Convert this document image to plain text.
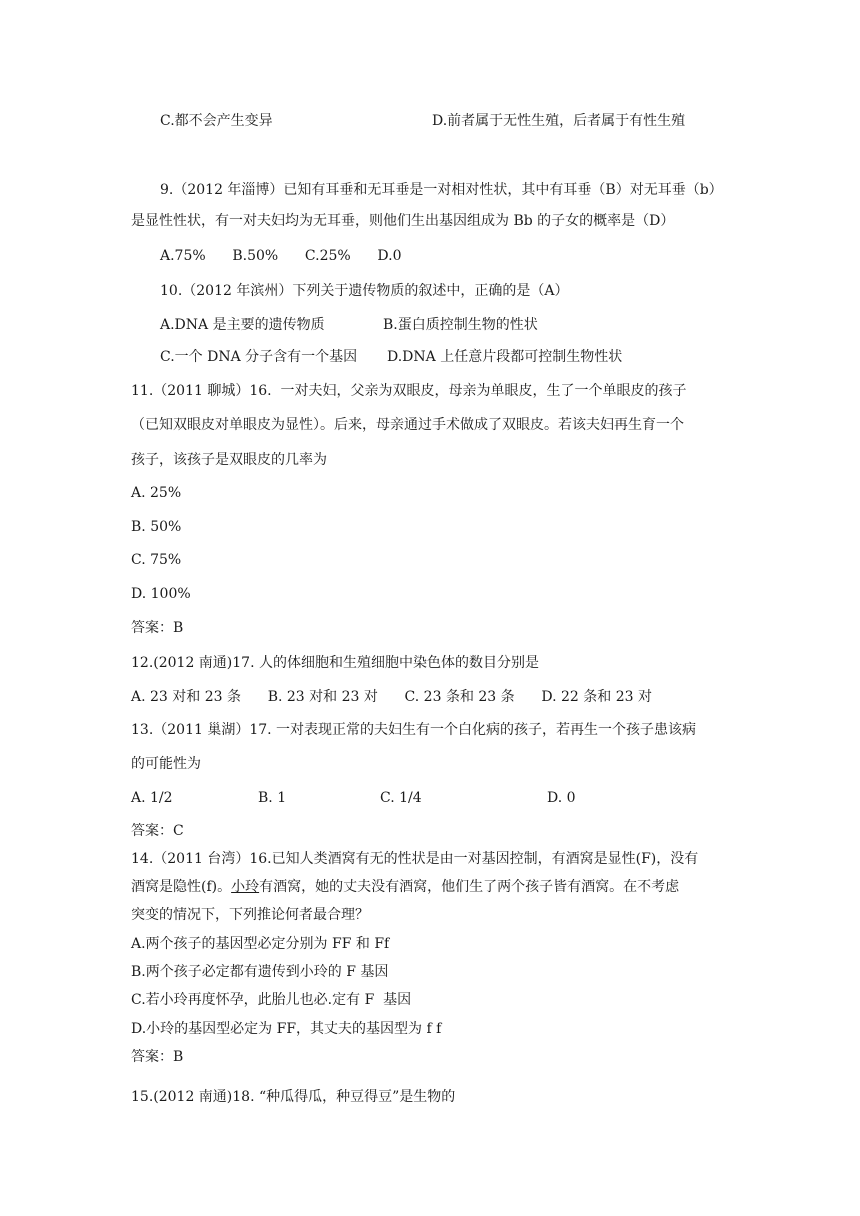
C.都不会产生变异	D.前者属于无性生殖，后者属于有性生殖
9.（2012 年淄博）已知有耳垂和无耳垂是一对相对性状，其中有耳垂（B）对无耳垂（b）
是显性性状，有一对夫妇均为无耳垂，则他们生出基因组成为 Bb 的子女的概率是（D）
A.75%      B.50%      C.25%      D.0
10.（2012 年滨州）下列关于遗传物质的叙述中，正确的是（A）
A.DNA 是主要的遗传物质	B.蛋白质控制生物的性状
C.一个 DNA 分子含有一个基因 D.DNA 上任意片段都可控制生物性状
11.（2011 聊城）16.  一对夫妇，父亲为双眼皮，母亲为单眼皮，生了一个单眼皮的孩子
（已知双眼皮对单眼皮为显性）。后来，母亲通过手术做成了双眼皮。若该夫妇再生育一个
孩子，该孩子是双眼皮的几率为
A. 25%
B. 50%
C. 75%
D. 100%
答案：B
12.(2012 南通)17. 人的体细胞和生殖细胞中染色体的数目分别是
A. 23 对和 23 条      B. 23 对和 23 对      C. 23 条和 23 条      D. 22 条和 23 对
13.（2011 巢湖）17. 一对表现正常的夫妇生有一个白化病的孩子，若再生一个孩子患该病
的可能性为
A. 1/2	B. 1	C. 1/4	D. 0
答案：C
14.（2011 台湾）16.已知人类酒窝有无的性状是由一对基因控制，有酒窝是显性(F)，没有
酒窝是隐性(f)。小玲有酒窝，她的丈夫没有酒窝，他们生了两个孩子皆有酒窝。在不考虑
突变的情况下，下列推论何者最合理？
A.两个孩子的基因型必定分别为 FF 和 Ff
B.两个孩子必定都有遗传到小玲的 F 基因
C.若小玲再度怀孕，此胎儿也必.定有 F  基因
D.小玲的基因型必定为 FF，其丈夫的基因型为 f f
答案：B
15.(2012 南通)18. “种瓜得瓜，种豆得豆”是生物的
